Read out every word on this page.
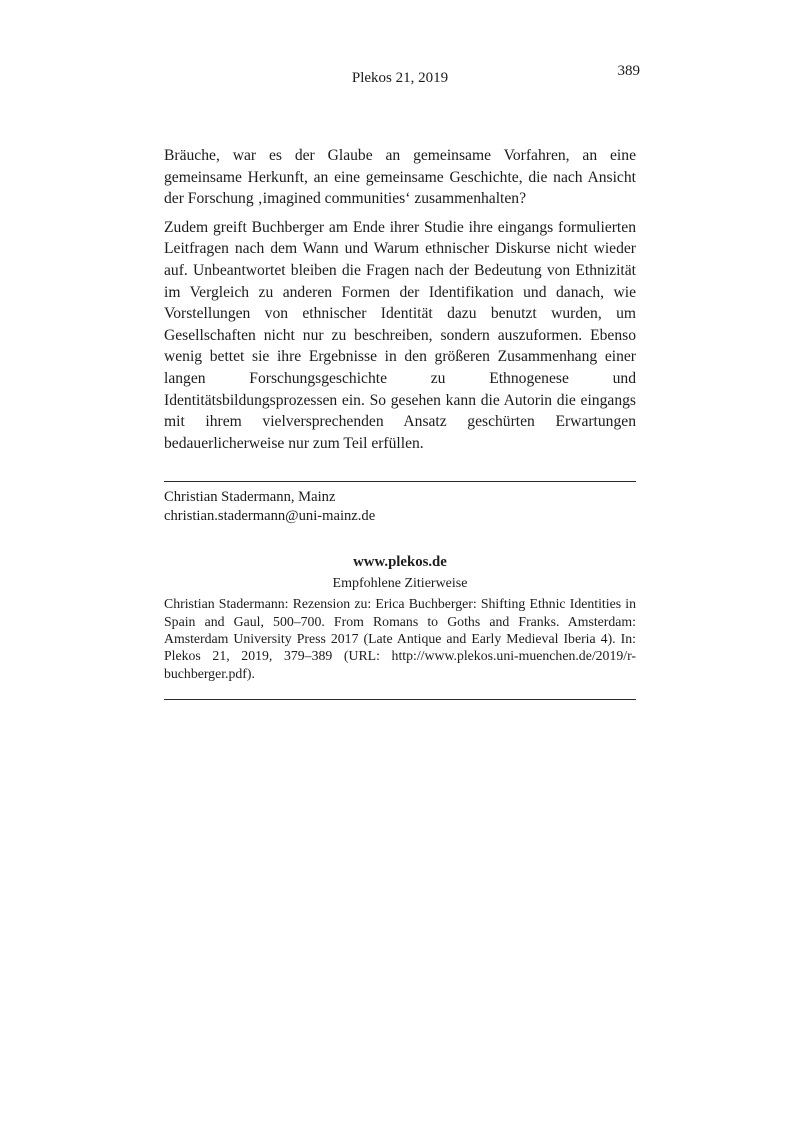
Plekos 21, 2019	389

Bräuche, war es der Glaube an gemeinsame Vorfahren, an eine gemeinsame Herkunft, an eine gemeinsame Geschichte, die nach Ansicht der Forschung ‚imagined communities‘ zusammenhalten?

Zudem greift Buchberger am Ende ihrer Studie ihre eingangs formulierten Leitfragen nach dem Wann und Warum ethnischer Diskurse nicht wieder auf. Unbeantwortet bleiben die Fragen nach der Bedeutung von Ethnizität im Vergleich zu anderen Formen der Identifikation und danach, wie Vorstellungen von ethnischer Identität dazu benutzt wurden, um Gesellschaften nicht nur zu beschreiben, sondern auszuformen. Ebenso wenig bettet sie ihre Ergebnisse in den größeren Zusammenhang einer langen Forschungsgeschichte zu Ethnogenese und Identitätsbildungsprozessen ein. So gesehen kann die Autorin die eingangs mit ihrem vielversprechenden Ansatz geschürten Erwartungen bedauerlicherweise nur zum Teil erfüllen.

Christian Stadermann, Mainz
christian.stadermann@uni-mainz.de
www.plekos.de
Empfohlene Zitierweise

Christian Stadermann: Rezension zu: Erica Buchberger: Shifting Ethnic Identities in Spain and Gaul, 500–700. From Romans to Goths and Franks. Amsterdam: Amsterdam University Press 2017 (Late Antique and Early Medieval Iberia 4). In: Plekos 21, 2019, 379–389 (URL: http://www.plekos.uni-muenchen.de/2019/r-buchberger.pdf).
